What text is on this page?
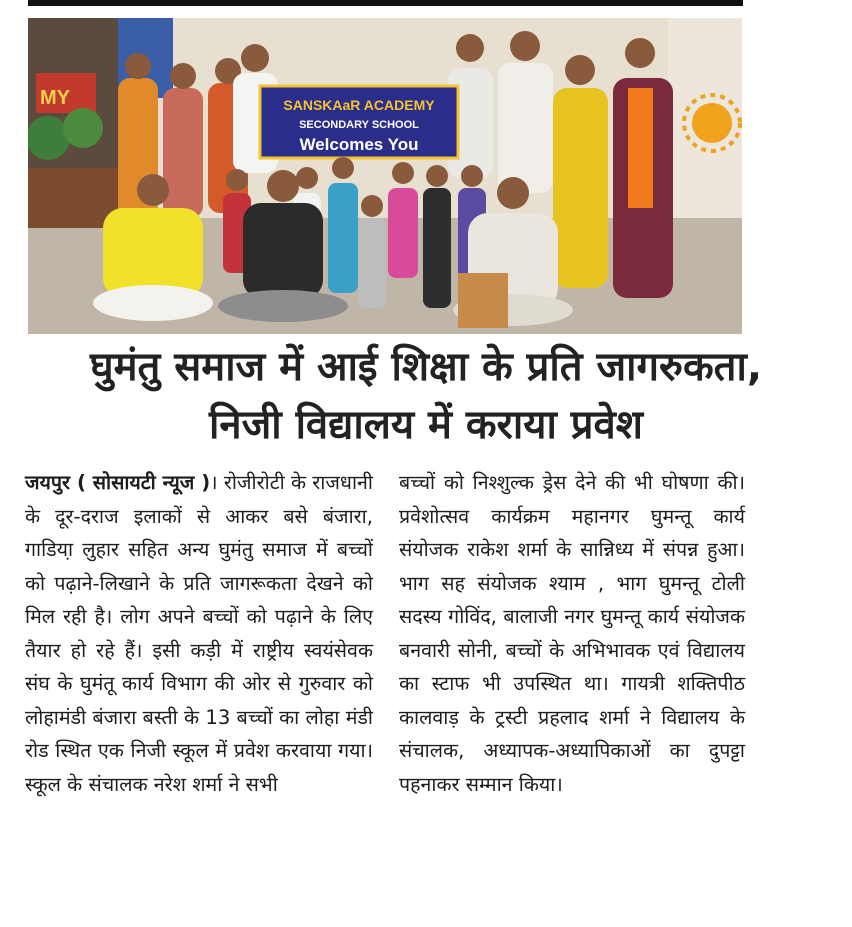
MY	SANSKAaR ACADEMY
SECONDARY SCHOOL
Welcomes You
घुमंतु समाज में आई शिक्षा के प्रति जागरुकता,
निजी विद्यालय में कराया प्रवेश

जयपुर ( सोसायटी न्यूज )। रोजीरोटी के राजधानी के दूर-दराज इलाकों से आकर बसे बंजारा, गाडिया़ लुहार सहित अन्य घुमंतु समाज में बच्चों को पढ़ाने-लिखाने के प्रति जागरूकता देखने को मिल रही है। लोग अपने बच्चों को पढ़ाने के लिए तैयार हो रहे हैं। इसी कड़ी में राष्ट्रीय स्वयंसेवक संघ के घुमंतू कार्य विभाग की ओर से गुरुवार को लोहामंडी बंजारा बस्ती के 13 बच्चों का लोहा मंडी रोड स्थित एक निजी स्कूल में प्रवेश करवाया गया। स्कूल के संचालक नरेश शर्मा ने सभी

बच्चों को निश्शुल्क ड्रेस देने की भी घोषणा की। प्रवेशोत्सव कार्यक्रम महानगर घुमन्तू कार्य संयोजक राकेश शर्मा के सान्निध्य में संपन्न हुआ। भाग सह संयोजक श्याम , भाग घुमन्तू टोली सदस्य गोविंद, बालाजी नगर घुमन्तू कार्य संयोजक बनवारी सोनी, बच्चों के अभिभावक एवं विद्यालय का स्टाफ भी उपस्थित था। गायत्री शक्तिपीठ कालवाड़ के ट्रस्टी प्रहलाद शर्मा ने विद्यालय के संचालक, अध्यापक-अध्यापिकाओं का दुपट्टा पहनाकर सम्मान किया।
